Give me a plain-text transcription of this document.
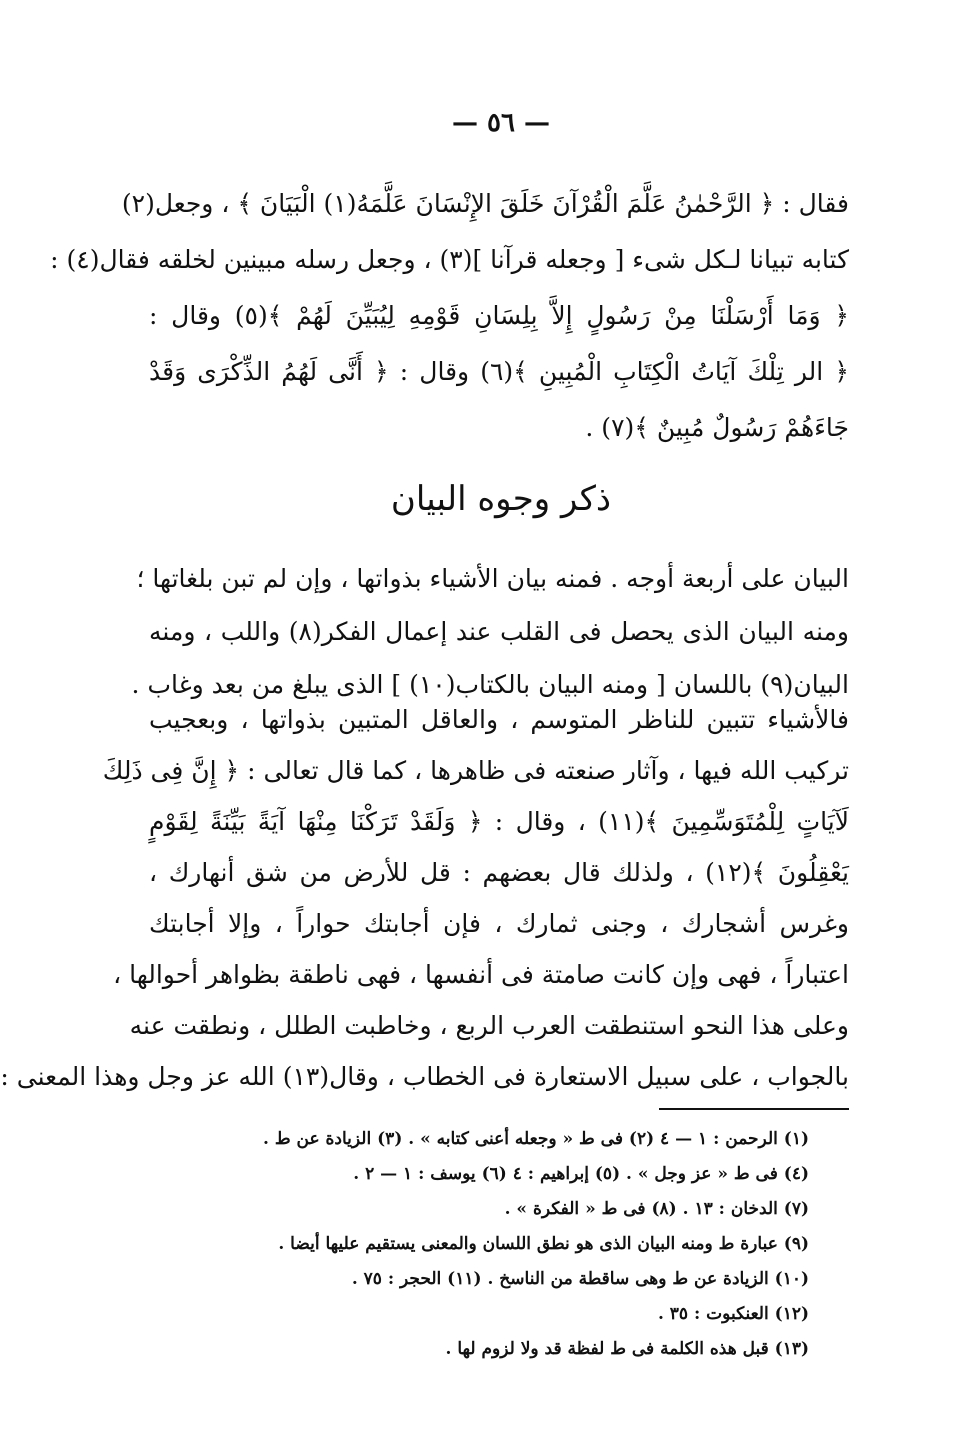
— ٥٦ —
فقال : ﴿ الرَّحْمٰنُ عَلَّمَ الْقُرْآنَ خَلَقَ الإِنْسَانَ عَلَّمَهُ(١) الْبَيَانَ ﴾ ، وجعل(٢)
كتابه تبيانا لـكل شىء [ وجعله قرآنا ](٣) ، وجعل رسله مبينين لخلقه فقال(٤) :
﴿ وَمَا أَرْسَلْنَا مِنْ رَسُولٍ إِلاَّ بِلِسَانِ قَوْمِهِ لِيُبَيِّنَ لَهُمْ ﴾(٥) وقال :
﴿ الر تِلْكَ آيَاتُ الْكِتَابِ الْمُبِينِ ﴾(٦) وقال : ﴿ أَنَّى لَهُمُ الذِّكْرَى وَقَدْ
جَاءَهُمْ رَسُولٌ مُبِينٌ ﴾(٧) .
ذكر وجوه البيان
البيان على أربعة أوجه . فمنه بيان الأشياء بذواتها ، وإن لم تبن بلغاتها ؛
ومنه البيان الذى يحصل فى القلب عند إعمال الفكر(٨) واللب ، ومنه
البيان(٩) باللسان [ ومنه البيان بالكتاب(١٠) ] الذى يبلغ من بعد وغاب .
فالأشياء تتبين للناظر المتوسم ، والعاقل المتبين بذواتها ، وبعجيب
تركيب الله فيها ، وآثار صنعته فى ظاهرها ، كما قال تعالى : ﴿ إِنَّ فِى ذَلِكَ
لَآيَاتٍ لِلْمُتَوَسِّمِينَ ﴾(١١) ، وقال : ﴿ وَلَقَدْ تَرَكْنَا مِنْهَا آيَةً بَيِّنَةً لِقَوْمٍ
يَعْقِلُونَ ﴾(١٢) ، ولذلك قال بعضهم : قل للأرض من شق أنهارك ،
وغرس أشجارك ، وجنى ثمارك ، فإن أجابتك حواراً ، وإلا أجابتك
اعتباراً ، فهى وإن كانت صامتة فى أنفسها ، فهى ناطقة بظواهر أحوالها ،
وعلى هذا النحو استنطقت العرب الربع ، وخاطبت الطلل ، ونطقت عنه
بالجواب ، على سبيل الاستعارة فى الخطاب ، وقال(١٣) الله عز وجل وهذا المعنى :
(١) الرحمن : ١ — ٤ (٢) فى ط « وجعله أعنى كتابه » . (٣) الزيادة عن ط .
(٤) فى ط « عز وجل » . (٥) إبراهيم : ٤ (٦) يوسف : ١ — ٢ .
(٧) الدخان : ١٣ . (٨) فى ط « الفكرة » .
(٩) عبارة ط ومنه البيان الذى هو نطق اللسان والمعنى يستقيم عليها أيضا .
(١٠) الزيادة عن ط وهى ساقطة من الناسخ . (١١) الحجر : ٧٥ .
(١٢) العنكبوت : ٣٥ .
(١٣) قبل هذه الكلمة فى ط لفظة قد ولا لزوم لها .
